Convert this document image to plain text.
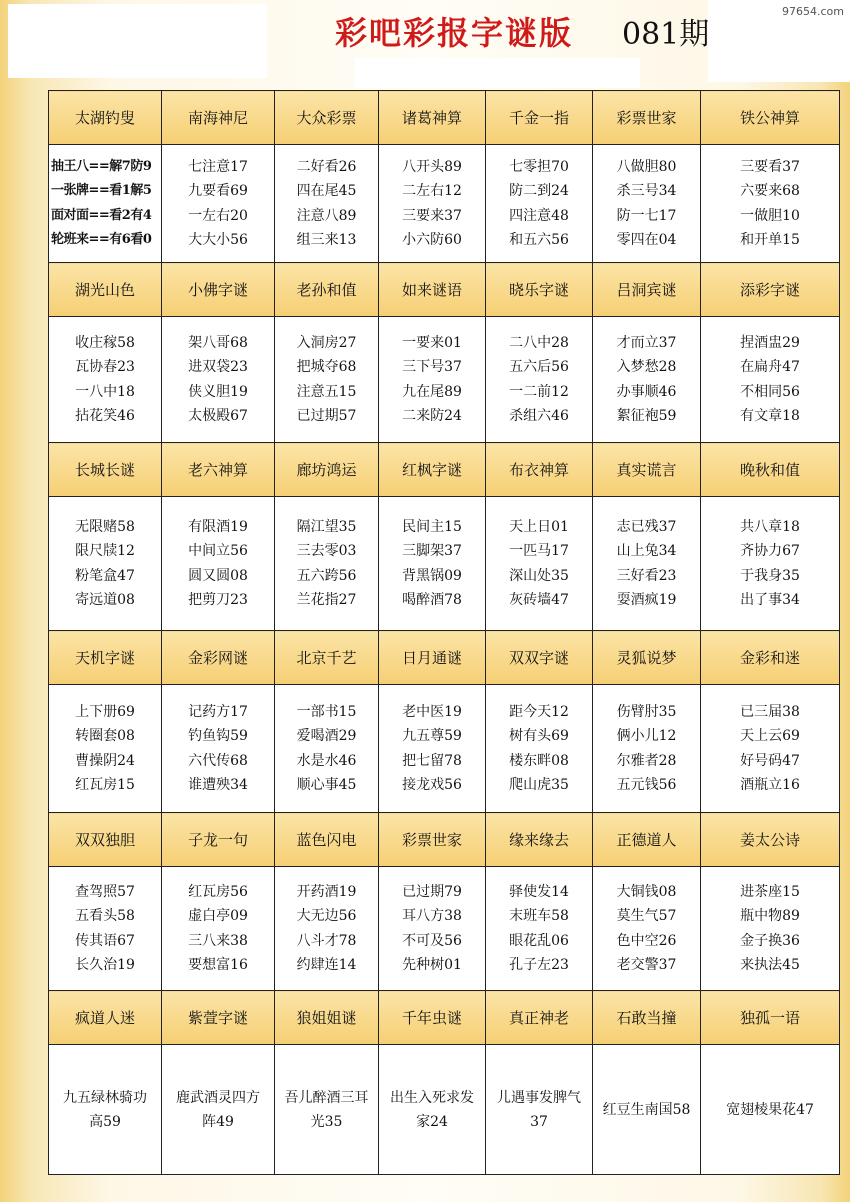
彩吧彩报字谜版 081期
97654.com
太湖钓叟	南海神尼	大众彩票	诸葛神算	千金一指	彩票世家	铁公神算

抽王八==解7防9
一张牌==看1解5
面对面==看2有4
轮班来==有6看0	七注意17
九要看69
一左右20
大大小56	二好看26
四在尾45
注意八89
组三来13	八开头89
二左右12
三要来37
小六防60	七零担70
防二到24
四注意48
和五六56	八做胆80
杀三号34
防一七17
零四在04	三要看37
六要来68
一做胆10
和开单15

湖光山色	小佛字谜	老孙和值	如来谜语	晓乐字谜	吕洞宾谜	添彩字谜

收庄稼58
瓦协春23
一八中18
拈花笑46	架八哥68
进双袋23
侠义胆19
太极殿67	入洞房27
把城夺68
注意五15
已过期57	一要来01
三下号37
九在尾89
二来防24	二八中28
五六后56
一二前12
杀组六46	才而立37
入梦愁28
办事顺46
絮征袍59	捏酒盅29
在扁舟47
不相同56
有文章18

长城长谜	老六神算	廊坊鸿运	红枫字谜	布衣神算	真实谎言	晚秋和值

无限赌58
限尺牍12
粉笔盒47
寄远道08	有限酒19
中间立56
圆又圆08
把剪刀23	隔江望35
三去零03
五六跨56
兰花指27	民间主15
三脚架37
背黑锅09
喝醉酒78	天上日01
一匹马17
深山处35
灰砖墙47	志已残37
山上兔34
三好看23
耍酒疯19	共八章18
齐协力67
于我身35
出了事34

天机字谜	金彩网谜	北京千艺	日月通谜	双双字谜	灵狐说梦	金彩和迷

上下册69
转圈套08
曹操阴24
红瓦房15	记药方17
钓鱼钩59
六代传68
谁遭殃34	一部书15
爱喝酒29
水是水46
顺心事45	老中医19
九五尊59
把七留78
接龙戏56	距今天12
树有头69
楼东畔08
爬山虎35	伤臂肘35
俩小儿12
尔雅者28
五元钱56	已三届38
天上云69
好号码47
酒瓶立16

双双独胆	子龙一句	蓝色闪电	彩票世家	缘来缘去	正德道人	姜太公诗

查驾照57
五看头58
传其语67
长久治19	红瓦房56
虚白亭09
三八来38
要想富16	开药酒19
大无边56
八斗才78
约肆连14	已过期79
耳八方38
不可及56
先种树01	驿使发14
末班车58
眼花乱06
孔子左23	大铜钱08
莫生气57
色中空26
老交警37	进茶座15
瓶中物89
金子换36
来执法45

疯道人迷	紫萱字谜	狼姐姐谜	千年虫谜	真正神老	石敢当撞	独孤一语

九五绿林骑功
高59	鹿武酒灵四方
阵49	吾儿醉酒三耳
光35	出生入死求发
家24	儿遇事发脾气
37	红豆生南国58	宽翅棱果花47
